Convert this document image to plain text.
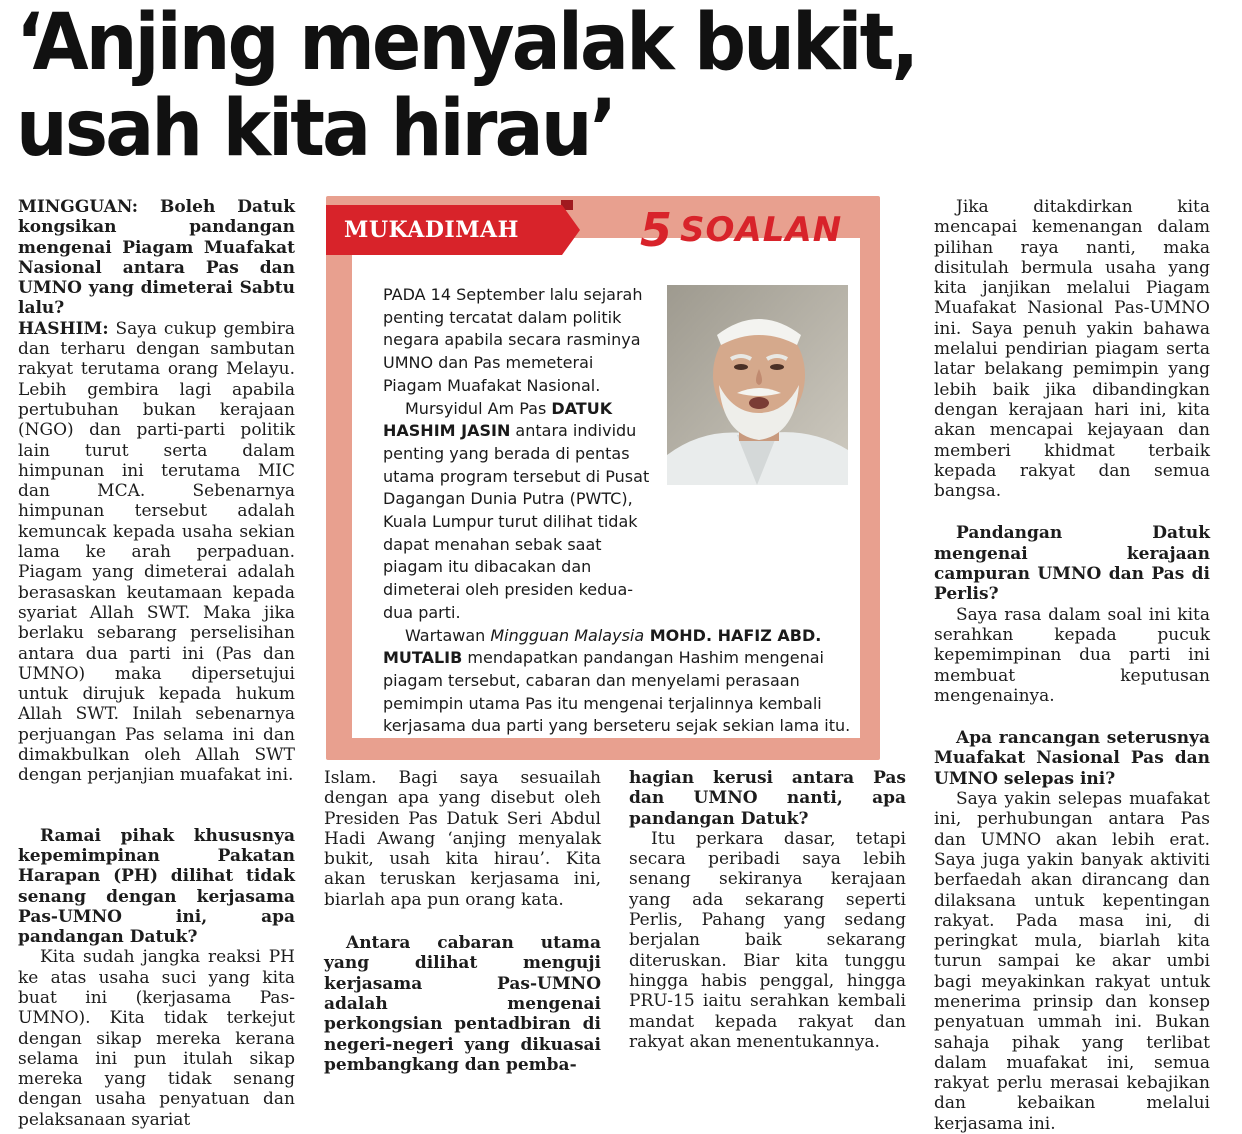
‘Anjing menyalak bukit,
usah kita hirau’

MINGGUAN: Boleh Datuk kongsikan pandangan mengenai Piagam Muafakat Nasional antara Pas dan UMNO yang dimeterai Sabtu lalu?

HASHIM: Saya cukup gembira dan terharu dengan sambutan rakyat terutama orang Melayu. Lebih gembira lagi apabila pertubuhan bukan kerajaan (NGO) dan parti-parti politik lain turut serta dalam himpunan ini terutama MIC dan MCA. Sebenarnya himpunan tersebut adalah kemuncak kepada usaha sekian lama ke arah perpaduan. Piagam yang dimeterai adalah berasaskan keutamaan kepada syariat Allah SWT. Maka jika berlaku sebarang perselisihan antara dua parti ini (Pas dan UMNO) maka dipersetujui untuk dirujuk kepada hukum Allah SWT. Inilah sebenarnya perjuangan Pas selama ini dan dimakbulkan oleh Allah SWT dengan perjanjian muafakat ini.

Ramai pihak khususnya kepemimpinan Pakatan Harapan (PH) dilihat tidak senang dengan kerjasama Pas-UMNO ini, apa pandangan Datuk?

Kita sudah jangka reaksi PH ke atas usaha suci yang kita buat ini (kerjasama Pas-UMNO). Kita tidak terkejut dengan sikap mereka kerana selama ini pun itulah sikap mereka yang tidak senang dengan usaha penyatuan dan pelaksanaan syariat

MUKADIMAH	5 SOALAN

PADA 14 September lalu sejarah penting tercatat dalam politik negara apabila secara rasminya UMNO dan Pas memeterai Piagam Muafakat Nasional.

Mursyidul Am Pas DATUK HASHIM JASIN antara individu penting yang berada di pentas utama program tersebut di Pusat Dagangan Dunia Putra (PWTC), Kuala Lumpur turut dilihat tidak dapat menahan sebak saat piagam itu dibacakan dan dimeterai oleh presiden kedua-dua parti.

Wartawan Mingguan Malaysia MOHD. HAFIZ ABD. MUTALIB mendapatkan pandangan Hashim mengenai piagam tersebut, cabaran dan menyelami perasaan pemimpin utama Pas itu mengenai terjalinnya kembali kerjasama dua parti yang berseteru sejak sekian lama itu.

Islam. Bagi saya sesuailah dengan apa yang disebut oleh Presiden Pas Datuk Seri Abdul Hadi Awang ‘anjing menyalak bukit, usah kita hirau’. Kita akan teruskan kerjasama ini, biarlah apa pun orang kata.

Antara cabaran utama yang dilihat menguji kerjasama Pas-UMNO adalah mengenai perkongsian pentadbiran di negeri-negeri yang dikuasai pembangkang dan pemba-

hagian kerusi antara Pas dan UMNO nanti, apa pandangan Datuk?

Itu perkara dasar, tetapi secara peribadi saya lebih senang sekiranya kerajaan yang ada sekarang seperti Perlis, Pahang yang sedang berjalan baik sekarang diteruskan. Biar kita tunggu hingga habis penggal, hingga PRU-15 iaitu serahkan kembali mandat kepada rakyat dan rakyat akan menentukannya.

Jika ditakdirkan kita mencapai kemenangan dalam pilihan raya nanti, maka disitulah bermula usaha yang kita janjikan melalui Piagam Muafakat Nasional Pas-UMNO ini. Saya penuh yakin bahawa melalui pendirian piagam serta latar belakang pemimpin yang lebih baik jika dibandingkan dengan kerajaan hari ini, kita akan mencapai kejayaan dan memberi khidmat terbaik kepada rakyat dan semua bangsa.

Pandangan Datuk mengenai kerajaan campuran UMNO dan Pas di Perlis?

Saya rasa dalam soal ini kita serahkan kepada pucuk kepemimpinan dua parti ini membuat keputusan mengenainya.

Apa rancangan seterusnya Muafakat Nasional Pas dan UMNO selepas ini?

Saya yakin selepas muafakat ini, perhubungan antara Pas dan UMNO akan lebih erat. Saya juga yakin banyak aktiviti berfaedah akan dirancang dan dilaksana untuk kepentingan rakyat. Pada masa ini, di peringkat mula, biarlah kita turun sampai ke akar umbi bagi meyakinkan rakyat untuk menerima prinsip dan konsep penyatuan ummah ini. Bukan sahaja pihak yang terlibat dalam muafakat ini, semua rakyat perlu merasai kebajikan dan kebaikan melalui kerjasama ini.
